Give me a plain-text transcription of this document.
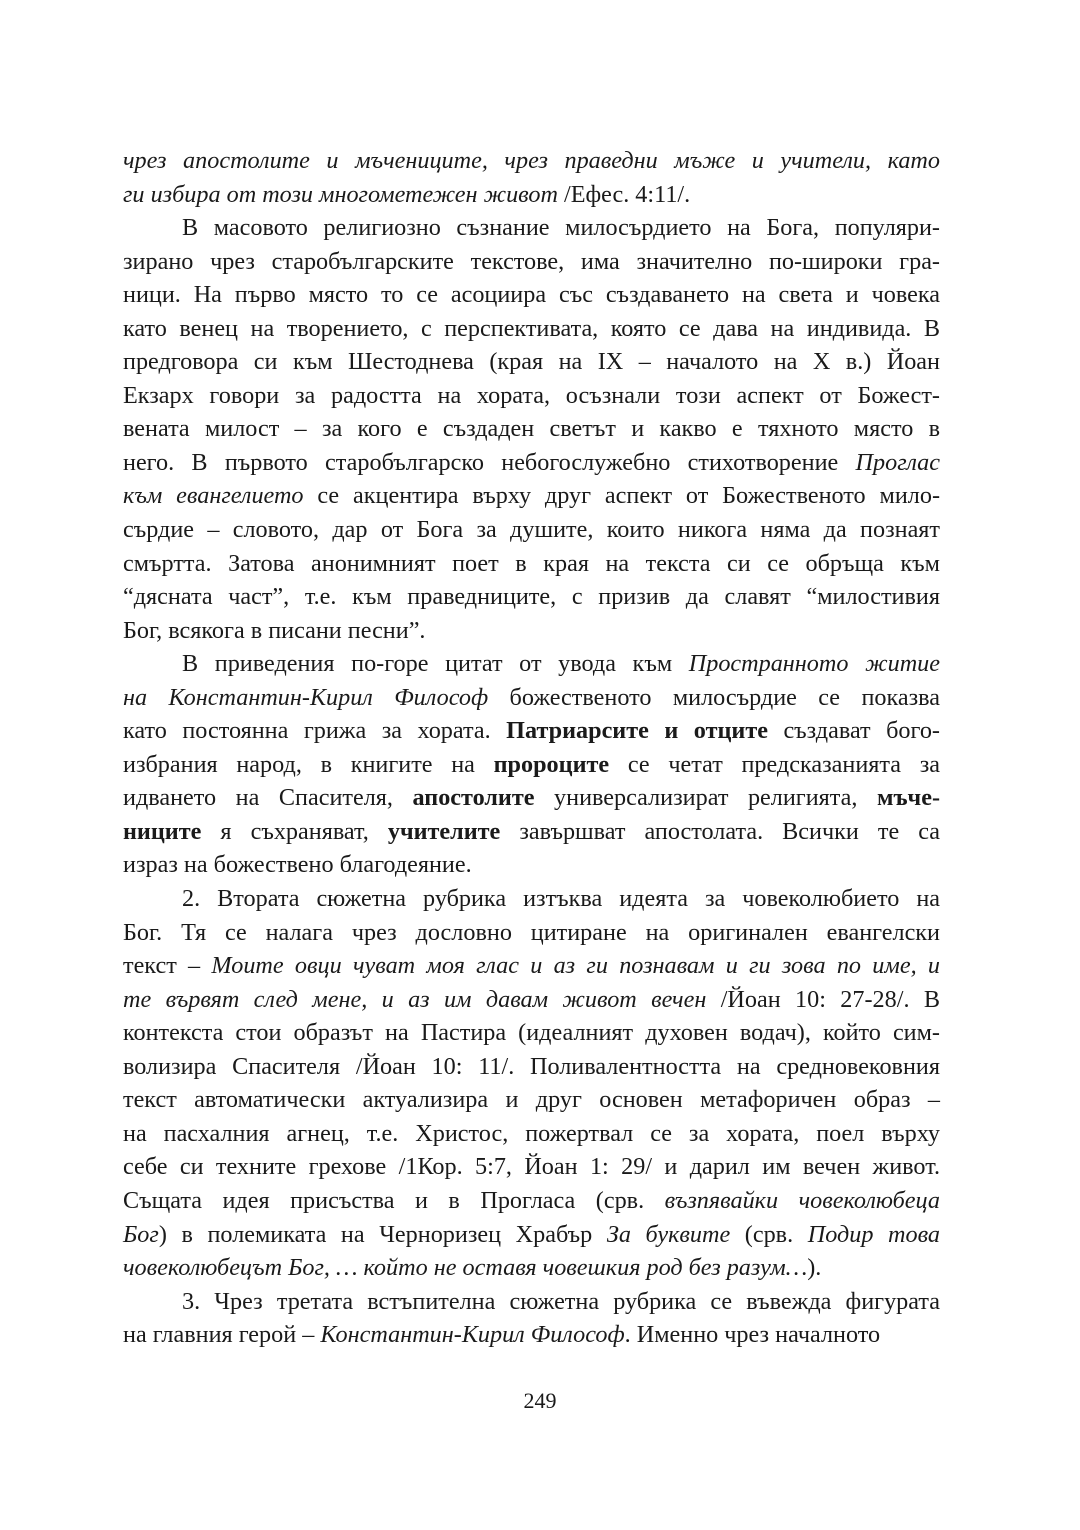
чрез апостолите и мъчениците, чрез праведни мъже и учители, като
ги избира от този многометежен живот /Ефес. 4:11/.
В масовото религиозно съзнание милосърдието на Бога, популяри-
зирано чрез старобългарските текстове, има значително по-широки гра-
ници. На първо място то се асоциира със създаването на света и човека
като венец на творението, с перспективата, която се дава на индивида. В
предговора си към Шестоднева (края на IX – началото на X в.) Йоан
Екзарх говори за радостта на хората, осъзнали този аспект от Божест-
вената милост – за кого е създаден светът и какво е тяхното място в
него. В първото старобългарско небогослужебно стихотворение Проглас
към евангелието се акцентира върху друг аспект от Божественото мило-
сърдие – словото, дар от Бога за душите, които никога няма да познаят
смъртта. Затова анонимният поет в края на текста си се обръща към
“дясната част”, т.е. към праведниците, с призив да славят “милостивия
Бог, всякога в писани песни”.
В приведения по-горе цитат от увода към Пространното житие
на Константин-Кирил Философ божественото милосърдие се показва
като постоянна грижа за хората. Патриарсите и отците създават бого-
избрания народ, в книгите на пророците се четат предсказанията за
идването на Спасителя, апостолите универсализират религията, мъче-
ниците я съхраняват, учителите завършват апостолата. Всички те са
израз на божествено благодеяние.
2. Втората сюжетна рубрика изтъква идеята за човеколюбието на
Бог. Тя се налага чрез дословно цитиране на оригинален евангелски
текст – Моите овци чуват моя глас и аз ги познавам и ги зова по име, и
те вървят след мене, и аз им давам живот вечен /Йоан 10: 27-28/. В
контекста стои образът на Пастира (идеалният духовен водач), който сим-
волизира Спасителя /Йоан 10: 11/. Поливалентността на средновековния
текст автоматически актуализира и друг основен метафоричен образ –
на пасхалния агнец, т.е. Христос, пожертвал се за хората, поел върху
себе си техните грехове /1Кор. 5:7, Йоан 1: 29/ и дарил им вечен живот.
Същата идея присъства и в Прогласа (срв. възпявайки човеколюбеца
Бог) в полемиката на Черноризец Храбър За буквите (срв. Подир това
човеколюбецът Бог, … който не оставя човешкия род без разум…).
3. Чрез третата встъпителна сюжетна рубрика се въвежда фигурата
на главния герой – Константин-Кирил Философ. Именно чрез началното
249
